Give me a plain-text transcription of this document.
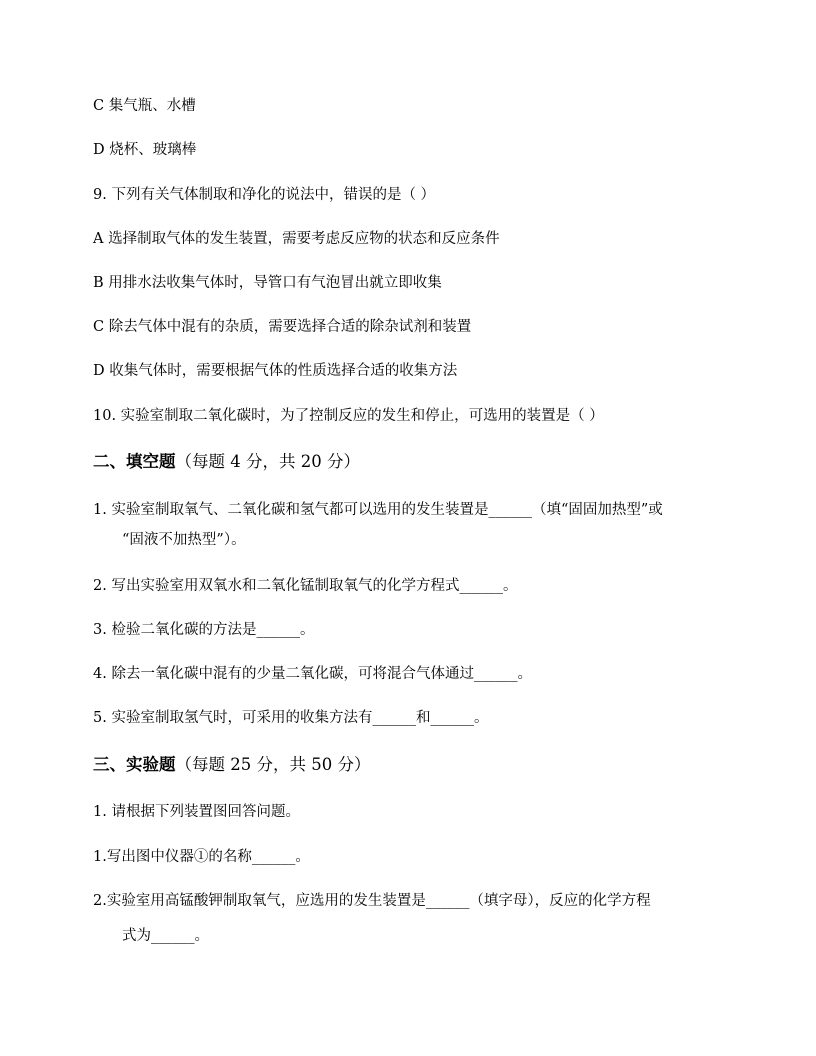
C 集气瓶、水槽
D 烧杯、玻璃棒
9. 下列有关气体制取和净化的说法中，错误的是（ ）
A 选择制取气体的发生装置，需要考虑反应物的状态和反应条件
B 用排水法收集气体时，导管口有气泡冒出就立即收集
C 除去气体中混有的杂质，需要选择合适的除杂试剂和装置
D 收集气体时，需要根据气体的性质选择合适的收集方法
10. 实验室制取二氧化碳时，为了控制反应的发生和停止，可选用的装置是（ ）
二、填空题（每题 4 分，共 20 分）
1. 实验室制取氧气、二氧化碳和氢气都可以选用的发生装置是______（填“固固加热型”或
“固液不加热型”）。
2. 写出实验室用双氧水和二氧化锰制取氧气的化学方程式______。
3. 检验二氧化碳的方法是______。
4. 除去一氧化碳中混有的少量二氧化碳，可将混合气体通过______。
5. 实验室制取氢气时，可采用的收集方法有______和______。
三、实验题（每题 25 分，共 50 分）
1. 请根据下列装置图回答问题。
1.写出图中仪器①的名称______。
2.实验室用高锰酸钾制取氧气，应选用的发生装置是______（填字母），反应的化学方程
式为______。
